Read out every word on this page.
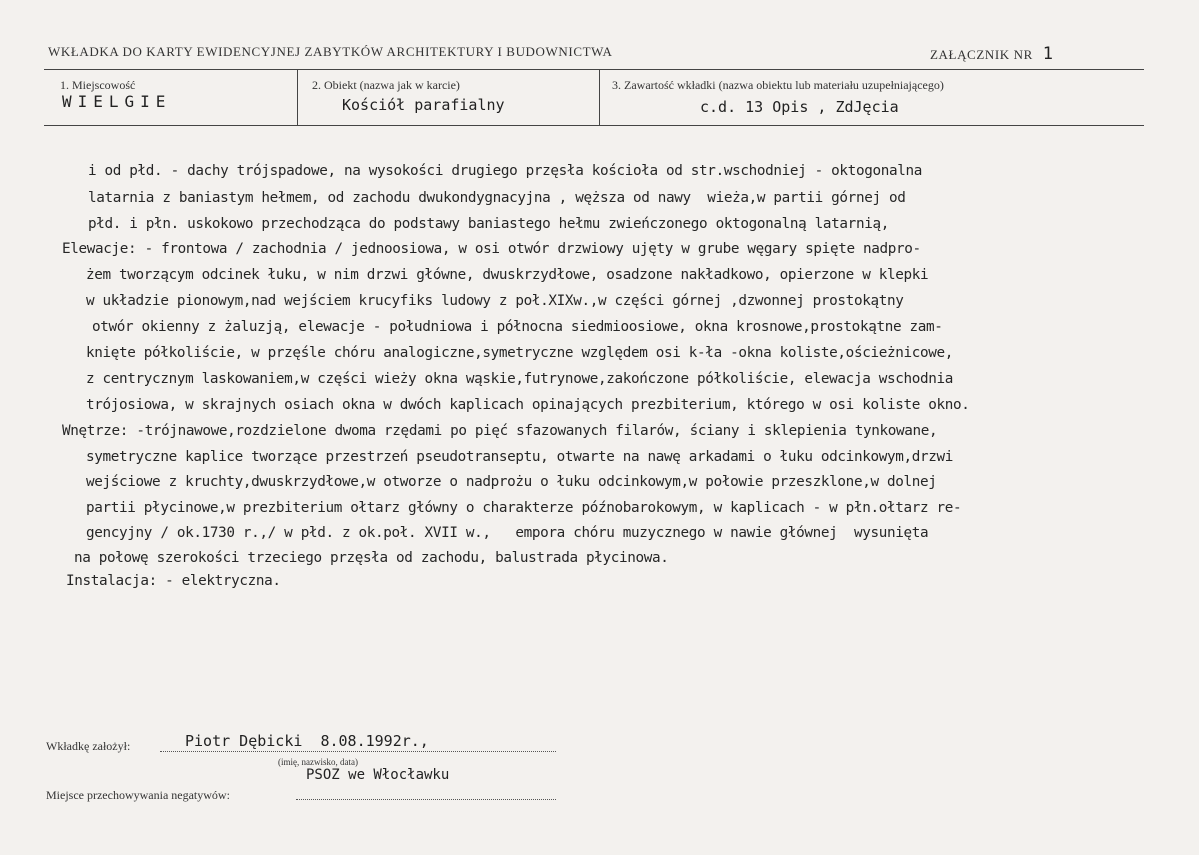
WKŁADKA DO KARTY EWIDENCYJNEJ ZABYTKÓW ARCHITEKTURY I BUDOWNICTWA	ZAŁĄCZNIK NR 1
1. Miejscowość
WIELGIE
2. Obiekt (nazwa jak w karcie)
Kościół parafialny
3. Zawartość wkładki (nazwa obiektu lub materiału uzupełniającego)
c.d. 13 Opis , ZdJęcia
i od płd. - dachy trójspadowe, na wysokości drugiego przęsła kościoła od str.wschodniej - oktogonalna
latarnia z baniastym hełmem, od zachodu dwukondygnacyjna , węższa od nawy  wieża,w partii górnej od
płd. i płn. uskokowo przechodząca do podstawy baniastego hełmu zwieńczonego oktogonalną latarnią,
Elewacje: - frontowa / zachodnia / jednoosiowa, w osi otwór drzwiowy ujęty w grube węgary spięte nadpro-
żem tworzącym odcinek łuku, w nim drzwi główne, dwuskrzydłowe, osadzone nakładkowo, opierzone w klepki
w układzie pionowym,nad wejściem krucyfiks ludowy z poł.XIXw.,w części górnej ,dzwonnej prostokątny
otwór okienny z żaluzją, elewacje - południowa i północna siedmioosiowe, okna krosnowe,prostokątne zam-
knięte półkoliście, w przęśle chóru analogiczne,symetryczne względem osi k-ła -okna koliste,ościeżnicowe,
z centrycznym laskowaniem,w części wieży okna wąskie,futrynowe,zakończone półkoliście, elewacja wschodnia
trójosiowa, w skrajnych osiach okna w dwóch kaplicach opinających prezbiterium, którego w osi koliste okno.
Wnętrze: -trójnawowe,rozdzielone dwoma rzędami po pięć sfazowanych filarów, ściany i sklepienia tynkowane,
symetryczne kaplice tworzące przestrzeń pseudotranseptu, otwarte na nawę arkadami o łuku odcinkowym,drzwi
wejściowe z kruchty,dwuskrzydłowe,w otworze o nadprożu o łuku odcinkowym,w połowie przeszklone,w dolnej
partii płycinowe,w prezbiterium ołtarz główny o charakterze późnobarokowym, w kaplicach - w płn.ołtarz re-
gencyjny / ok.1730 r.,/ w płd. z ok.poł. XVII w.,   empora chóru muzycznego w nawie głównej  wysunięta
na połowę szerokości trzeciego przęsła od zachodu, balustrada płycinowa.
Instalacja: - elektryczna.
Wkładkę założył:	Piotr Dębicki  8.08.1992r.,
(imię, nazwisko, data)
PSOZ we Włocławku
Miejsce przechowywania negatywów:
